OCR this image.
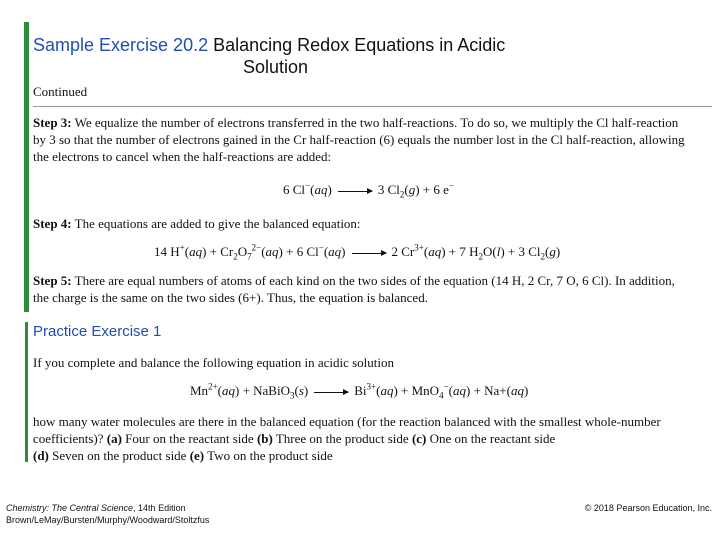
Sample Exercise 20.2 Balancing Redox Equations in Acidic
Solution
Continued
Step 3: We equalize the number of electrons transferred in the two half-reactions. To do so, we multiply the Cl half-reaction by 3 so that the number of electrons gained in the Cr half-reaction (6) equals the number lost in the Cl half-reaction, allowing the electrons to cancel when the half-reactions are added:
6 Cl−(aq)	3 $Cl_2(g) + 6$ e−
Step 4: The equations are added to give the balanced equation:
14 $H^+(aq) + Cr_2O_7^{2-}(aq) + 6$ Cl−(aq)	2 $Cr^{3+}(aq) + 7$ $H_2O(l) + 3$ $Cl_2(g)$
Step 5: There are equal numbers of atoms of each kind on the two sides of the equation (14 H, 2 Cr, 7 O, 6 Cl). In addition, the charge is the same on the two sides (6+). Thus, the equation is balanced.
Practice Exercise 1
If you complete and balance the following equation in acidic solution
$Mn^{2+}(aq)$ + NaBiO$_3$(s)	$Bi^{3+}(aq) + MnO_4^-(aq) + Na+(aq)$
how many water molecules are there in the balanced equation (for the reaction balanced with the smallest whole-number coefficients)? (a) Four on the reactant side (b) Three on the product side (c) One on the reactant side
(d) Seven on the product side (e) Two on the product side
Chemistry: The Central Science, 14th Edition
Brown/LeMay/Bursten/Murphy/Woodward/Stoltzfus
© 2018 Pearson Education, Inc.
